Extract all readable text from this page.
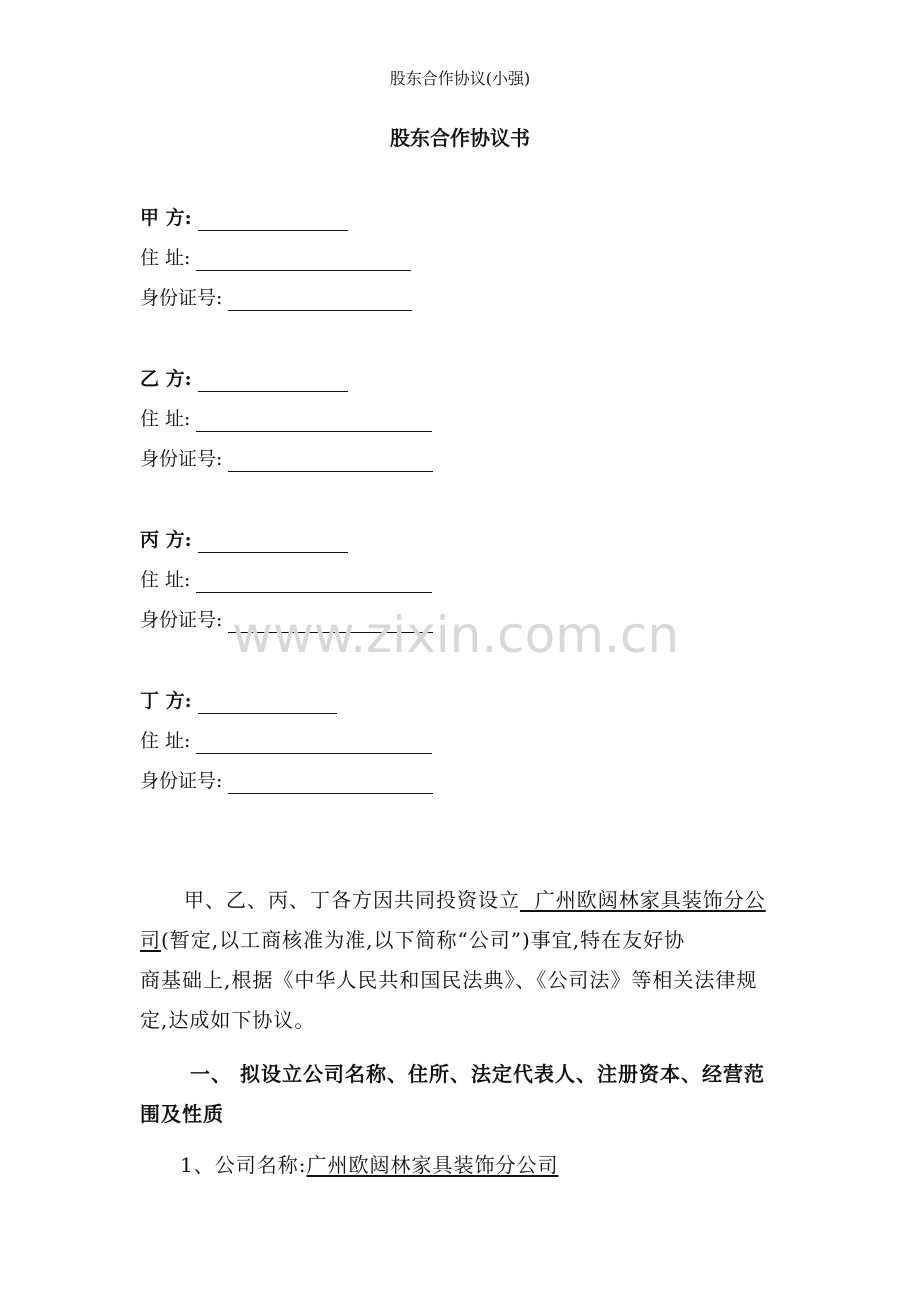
股东合作协议(小强)
股东合作协议书
甲 方:
住 址:
身份证号:
乙 方:
住 址:
身份证号:
丙 方:
住 址:
身份证号: www.zixin.com.cn
丁 方:
住 址:
身份证号:
甲、乙、丙、丁各方因共同投资设立  广州欧闼林家具装饰分公
司(暂定,以工商核准为准,以下简称“公司”)事宜,特在友好协
商基础上,根据《中华人民共和国民法典》、《公司法》等相关法律规
定,达成如下协议。
一、 拟设立公司名称、住所、法定代表人、注册资本、经营范
围及性质
1、公司名称:广州欧闼林家具装饰分公司
